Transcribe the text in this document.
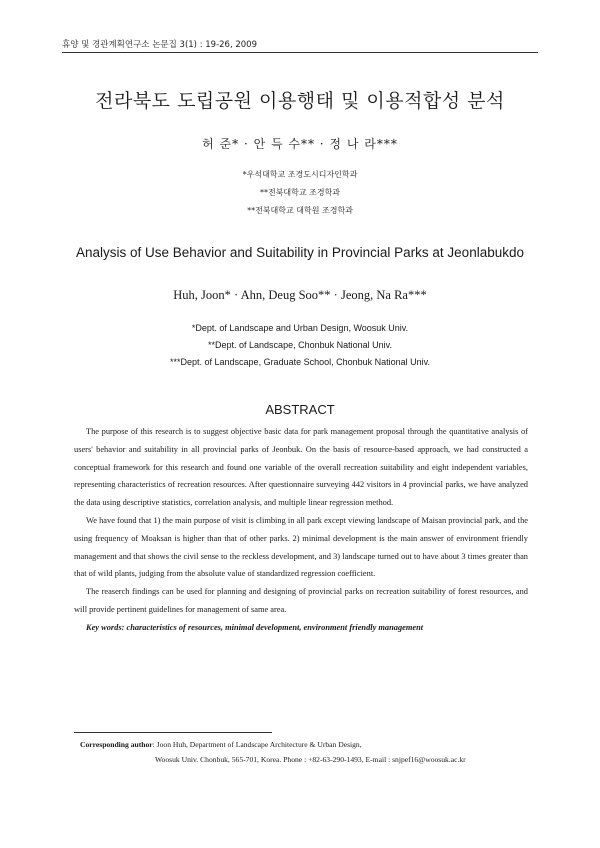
휴양 및 경관계획연구소 논문집 3(1) : 19-26, 2009
전라북도 도립공원 이용행태 및 이용적합성 분석
허 준* · 안 득 수** · 정 나 라***
*우석대학교 조경도시디자인학과
**전북대학교 조경학과
**전북대학교 대학원 조경학과
Analysis of Use Behavior and Suitability in Provincial Parks at Jeonlabukdo
Huh, Joon* · Ahn, Deug Soo** · Jeong, Na Ra***
*Dept. of Landscape and Urban Design, Woosuk Univ.
**Dept. of Landscape, Chonbuk National Univ.
***Dept. of Landscape, Graduate School, Chonbuk National Univ.
ABSTRACT

The purpose of this research is to suggest objective basic data for park management proposal through the quantitative analysis of users' behavior and suitability in all provincial parks of Jeonbuk. On the basis of resource-based approach, we had constructed a conceptual framework for this research and found one variable of the overall recreation suitability and eight independent variables, representing characteristics of recreation resources. After questionnaire surveying 442 visitors in 4 provincial parks, we have analyzed the data using descriptive statistics, correlation analysis, and multiple linear regression method.

We have found that 1) the main purpose of visit is climbing in all park except viewing landscape of Maisan provincial park, and the using frequency of Moaksan is higher than that of other parks. 2) minimal development is the main answer of environment friendly management and that shows the civil sense to the reckless development, and 3) landscape turned out to have about 3 times greater than that of wild plants, judging from the absolute value of standardized regression coefficient.

The reaserch findings can be used for planning and designing of provincial parks on recreation suitability of forest resources, and will provide pertinent guidelines for management of same area.

Key words: characteristics of resources, minimal development, environment friendly management

Corresponding author: Joon Huh, Department of Landscape Architecture & Urban Design,
Woosuk Univ. Chonbuk, 565-701, Korea. Phone : +82-63-290-1493, E-mail : snjpef16@woosuk.ac.kr
